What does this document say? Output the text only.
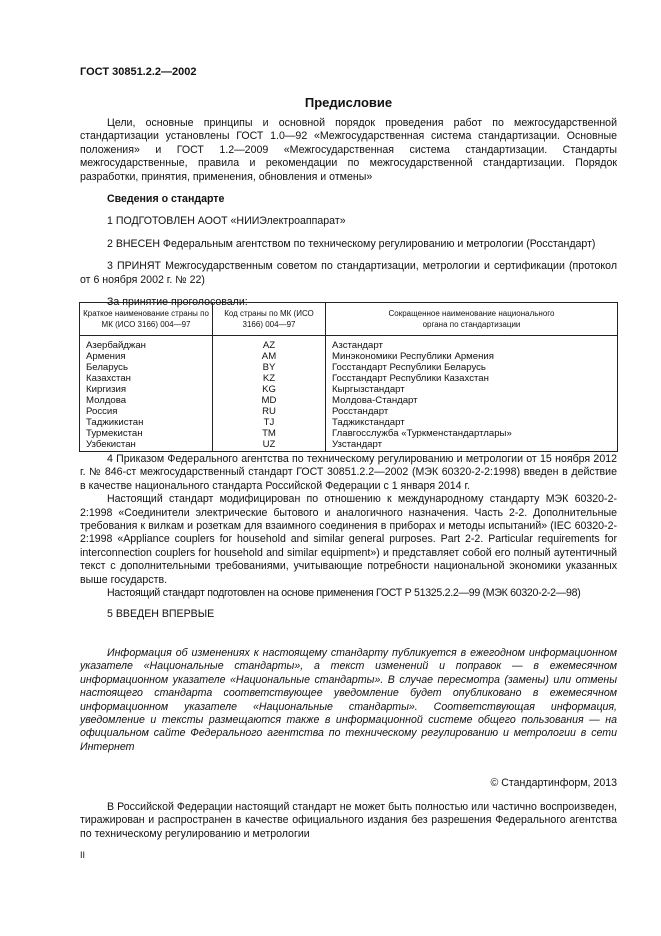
ГОСТ 30851.2.2—2002
Предисловие

Цели, основные принципы и основной порядок проведения работ по межгосударственной стандартизации установлены ГОСТ 1.0—92 «Межгосударственная система стандартизации. Основные положения» и ГОСТ 1.2—2009 «Межгосударственная система стандартизации. Стандарты межгосударственные, правила и рекомендации по межгосударственной стандартизации. Порядок разработки, принятия, применения, обновления и отмены»

Сведения о стандарте

1 ПОДГОТОВЛЕН АООТ «НИИЭлектроаппарат»

2 ВНЕСЕН Федеральным агентством по техническому регулированию и метрологии (Росстандарт)

3 ПРИНЯТ Межгосударственным советом по стандартизации, метрологии и сертификации (протокол от 6 ноября 2002 г. № 22)

За принятие проголосовали:

Краткое наименование страны по МК (ИСО 3166) 004—97	Код страны по МК (ИСО 3166) 004—97	Сокращенное наименование национального органа по стандартизации
Азербайджан	AZ	Азстандарт
Армения	AM	Минэкономики Республики Армения
Беларусь	BY	Госстандарт Республики Беларусь
Казахстан	KZ	Госстандарт Республики Казахстан
Киргизия	KG	Кыргызстандарт
Молдова	MD	Молдова-Стандарт
Россия	RU	Росстандарт
Таджикистан	TJ	Таджикстандарт
Турмекистан	TM	Главгосслужба «Туркменстандартлары»
Узбекистан	UZ	Узстандарт

4 Приказом Федерального агентства по техническому регулированию и метрологии от 15 ноября 2012 г. № 846-ст межгосударственный стандарт ГОСТ 30851.2.2—2002 (МЭК 60320-2-2:1998) введен в действие в качестве национального стандарта Российской Федерации с 1 января 2014 г.

Настоящий стандарт модифицирован по отношению к международному стандарту МЭК 60320-2-2:1998 «Соединители электрические бытового и аналогичного назначения. Часть 2-2. Дополнительные требования к вилкам и розеткам для взаимного соединения в приборах и методы испытаний» (IEC 60320-2-2:1998 «Appliance couplers for household and similar general purposes. Part 2-2. Particular requirements for interconnection couplers for household and similar equipment») и представляет собой его полный аутентичный текст с дополнительными требованиями, учитывающие потребности национальной экономики указанных выше государств.

Настоящий стандарт подготовлен на основе применения ГОСТ Р 51325.2.2—99 (МЭК 60320-2-2—98)

5 ВВЕДЕН ВПЕРВЫЕ

Информация об изменениях к настоящему стандарту публикуется в ежегодном информационном указателе «Национальные стандарты», а текст изменений и поправок — в ежемесячном информационном указателе «Национальные стандарты». В случае пересмотра (замены) или отмены настоящего стандарта соответствующее уведомление будет опубликовано в ежемесячном информационном указателе «Национальные стандарты». Соответствующая информация, уведомление и тексты размещаются также в информационной системе общего пользования — на официальном сайте Федерального агентства по техническому регулированию и метрологии в сети Интернет

© Стандартинформ, 2013

В Российской Федерации настоящий стандарт не может быть полностью или частично воспроизведен, тиражирован и распространен в качестве официального издания без разрешения Федерального агентства по техническому регулированию и метрологии

II
